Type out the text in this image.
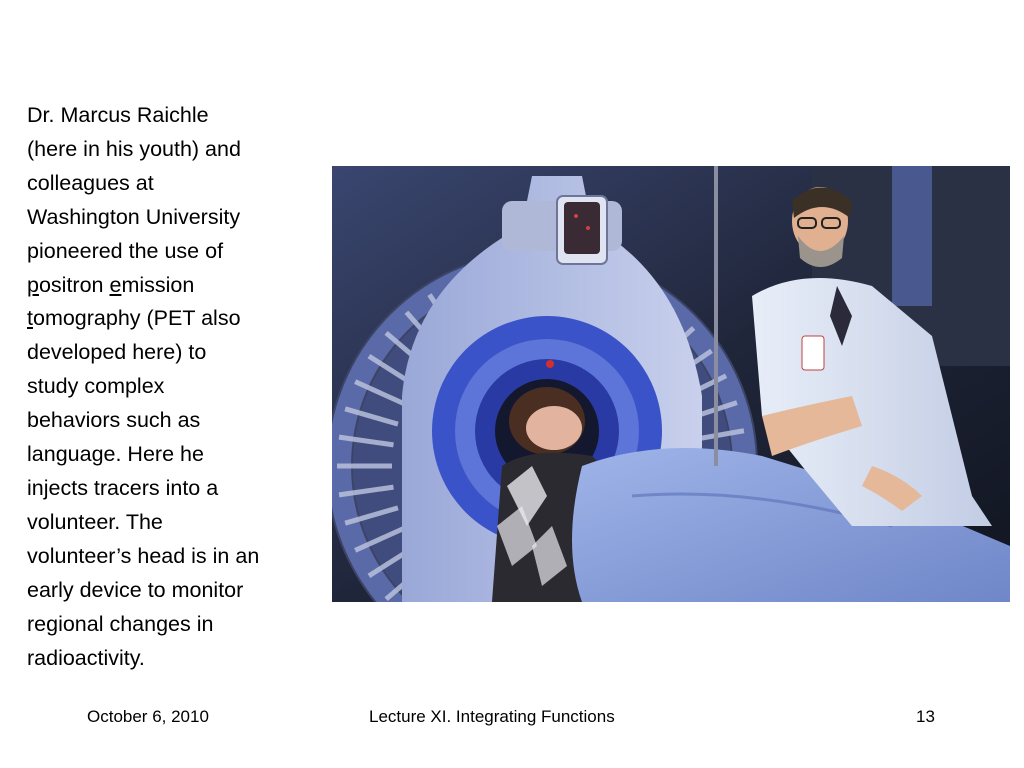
Dr. Marcus Raichle
(here in his youth) and
colleagues at
Washington University
pioneered the use of
positron emission
tomography (PET also
developed here) to
study complex
behaviors such as
language. Here he
injects tracers into a
volunteer. The
volunteer’s head is in an
early device to monitor
regional changes in
radioactivity.
October 6, 2010	Lecture XI. Integrating Functions	13
